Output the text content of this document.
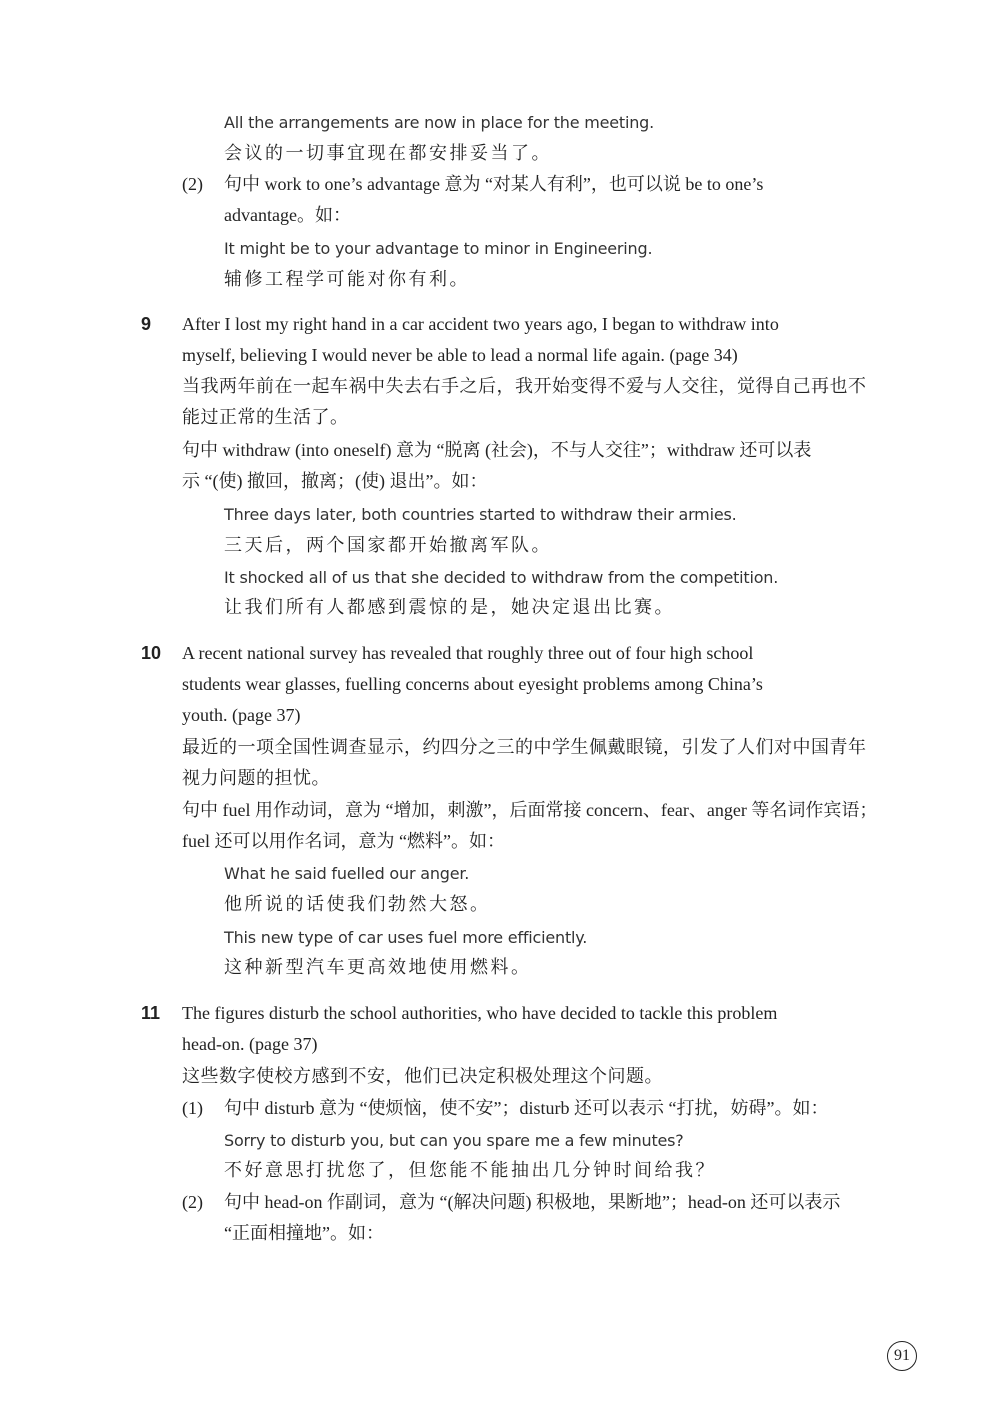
All the arrangements are now in place for the meeting.
会议的一切事宜现在都安排妥当了。
(2) 句中 work to one’s advantage 意为 “对某人有利”，也可以说 be to one’s
advantage。如：
It might be to your advantage to minor in Engineering.
辅修工程学可能对你有利。
9 After I lost my right hand in a car accident two years ago, I began to withdraw into
myself, believing I would never be able to lead a normal life again. (page 34)
当我两年前在一起车祸中失去右手之后，我开始变得不爱与人交往，觉得自己再也不
能过正常的生活了。
句中 withdraw (into oneself) 意为 “脱离 (社会)，不与人交往”；withdraw 还可以表
示 “(使) 撤回，撤离；(使) 退出”。如：
Three days later, both countries started to withdraw their armies.
三天后，两个国家都开始撤离军队。
It shocked all of us that she decided to withdraw from the competition.
让我们所有人都感到震惊的是，她决定退出比赛。
10 A recent national survey has revealed that roughly three out of four high school
students wear glasses, fuelling concerns about eyesight problems among China’s
youth. (page 37)
最近的一项全国性调查显示，约四分之三的中学生佩戴眼镜，引发了人们对中国青年
视力问题的担忧。
句中 fuel 用作动词，意为 “增加，刺激”，后面常接 concern、fear、anger 等名词作宾语；
fuel 还可以用作名词，意为 “燃料”。如：
What he said fuelled our anger.
他所说的话使我们勃然大怒。
This new type of car uses fuel more efficiently.
这种新型汽车更高效地使用燃料。
11 The figures disturb the school authorities, who have decided to tackle this problem
head-on. (page 37)
这些数字使校方感到不安，他们已决定积极处理这个问题。
(1) 句中 disturb 意为 “使烦恼，使不安”；disturb 还可以表示 “打扰，妨碍”。如：
Sorry to disturb you, but can you spare me a few minutes?
不好意思打扰您了，但您能不能抽出几分钟时间给我？
(2) 句中 head-on 作副词，意为 “(解决问题) 积极地，果断地”；head-on 还可以表示
“正面相撞地”。如：
91
